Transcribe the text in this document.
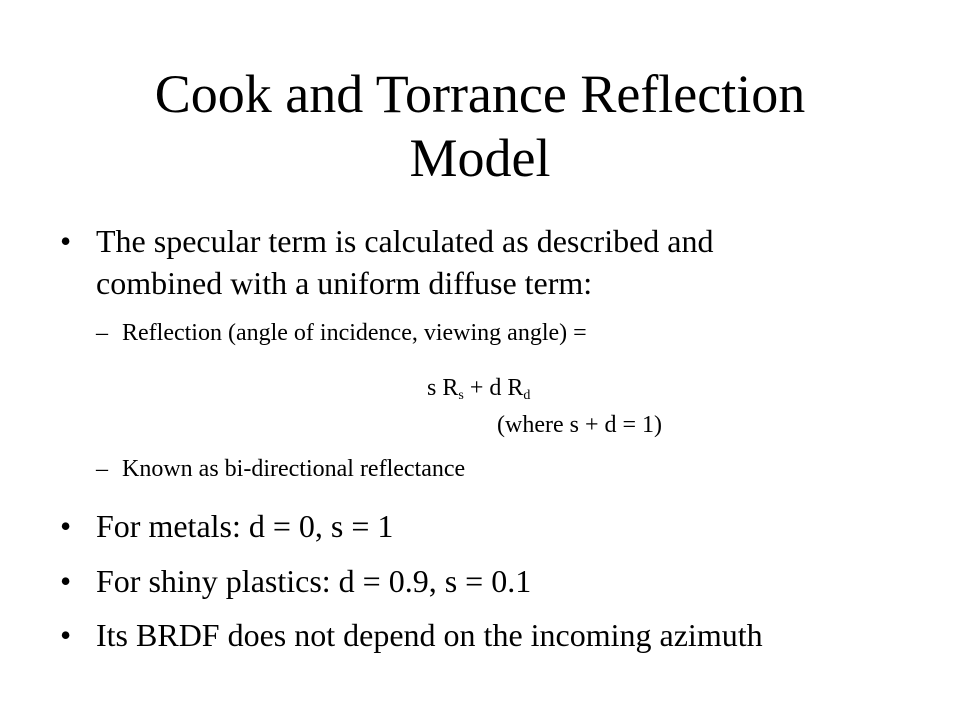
Cook and Torrance Reflection
Model
• The specular term is calculated as described and
combined with a uniform diffuse term:
– Reflection (angle of incidence, viewing angle) =
s $R_s + d$ $R_d$
(where s + d = 1)
– Known as bi-directional reflectance
• For metals: d = 0, s = 1
• For shiny plastics: d = 0.9, s = 0.1
• Its BRDF does not depend on the incoming azimuth
